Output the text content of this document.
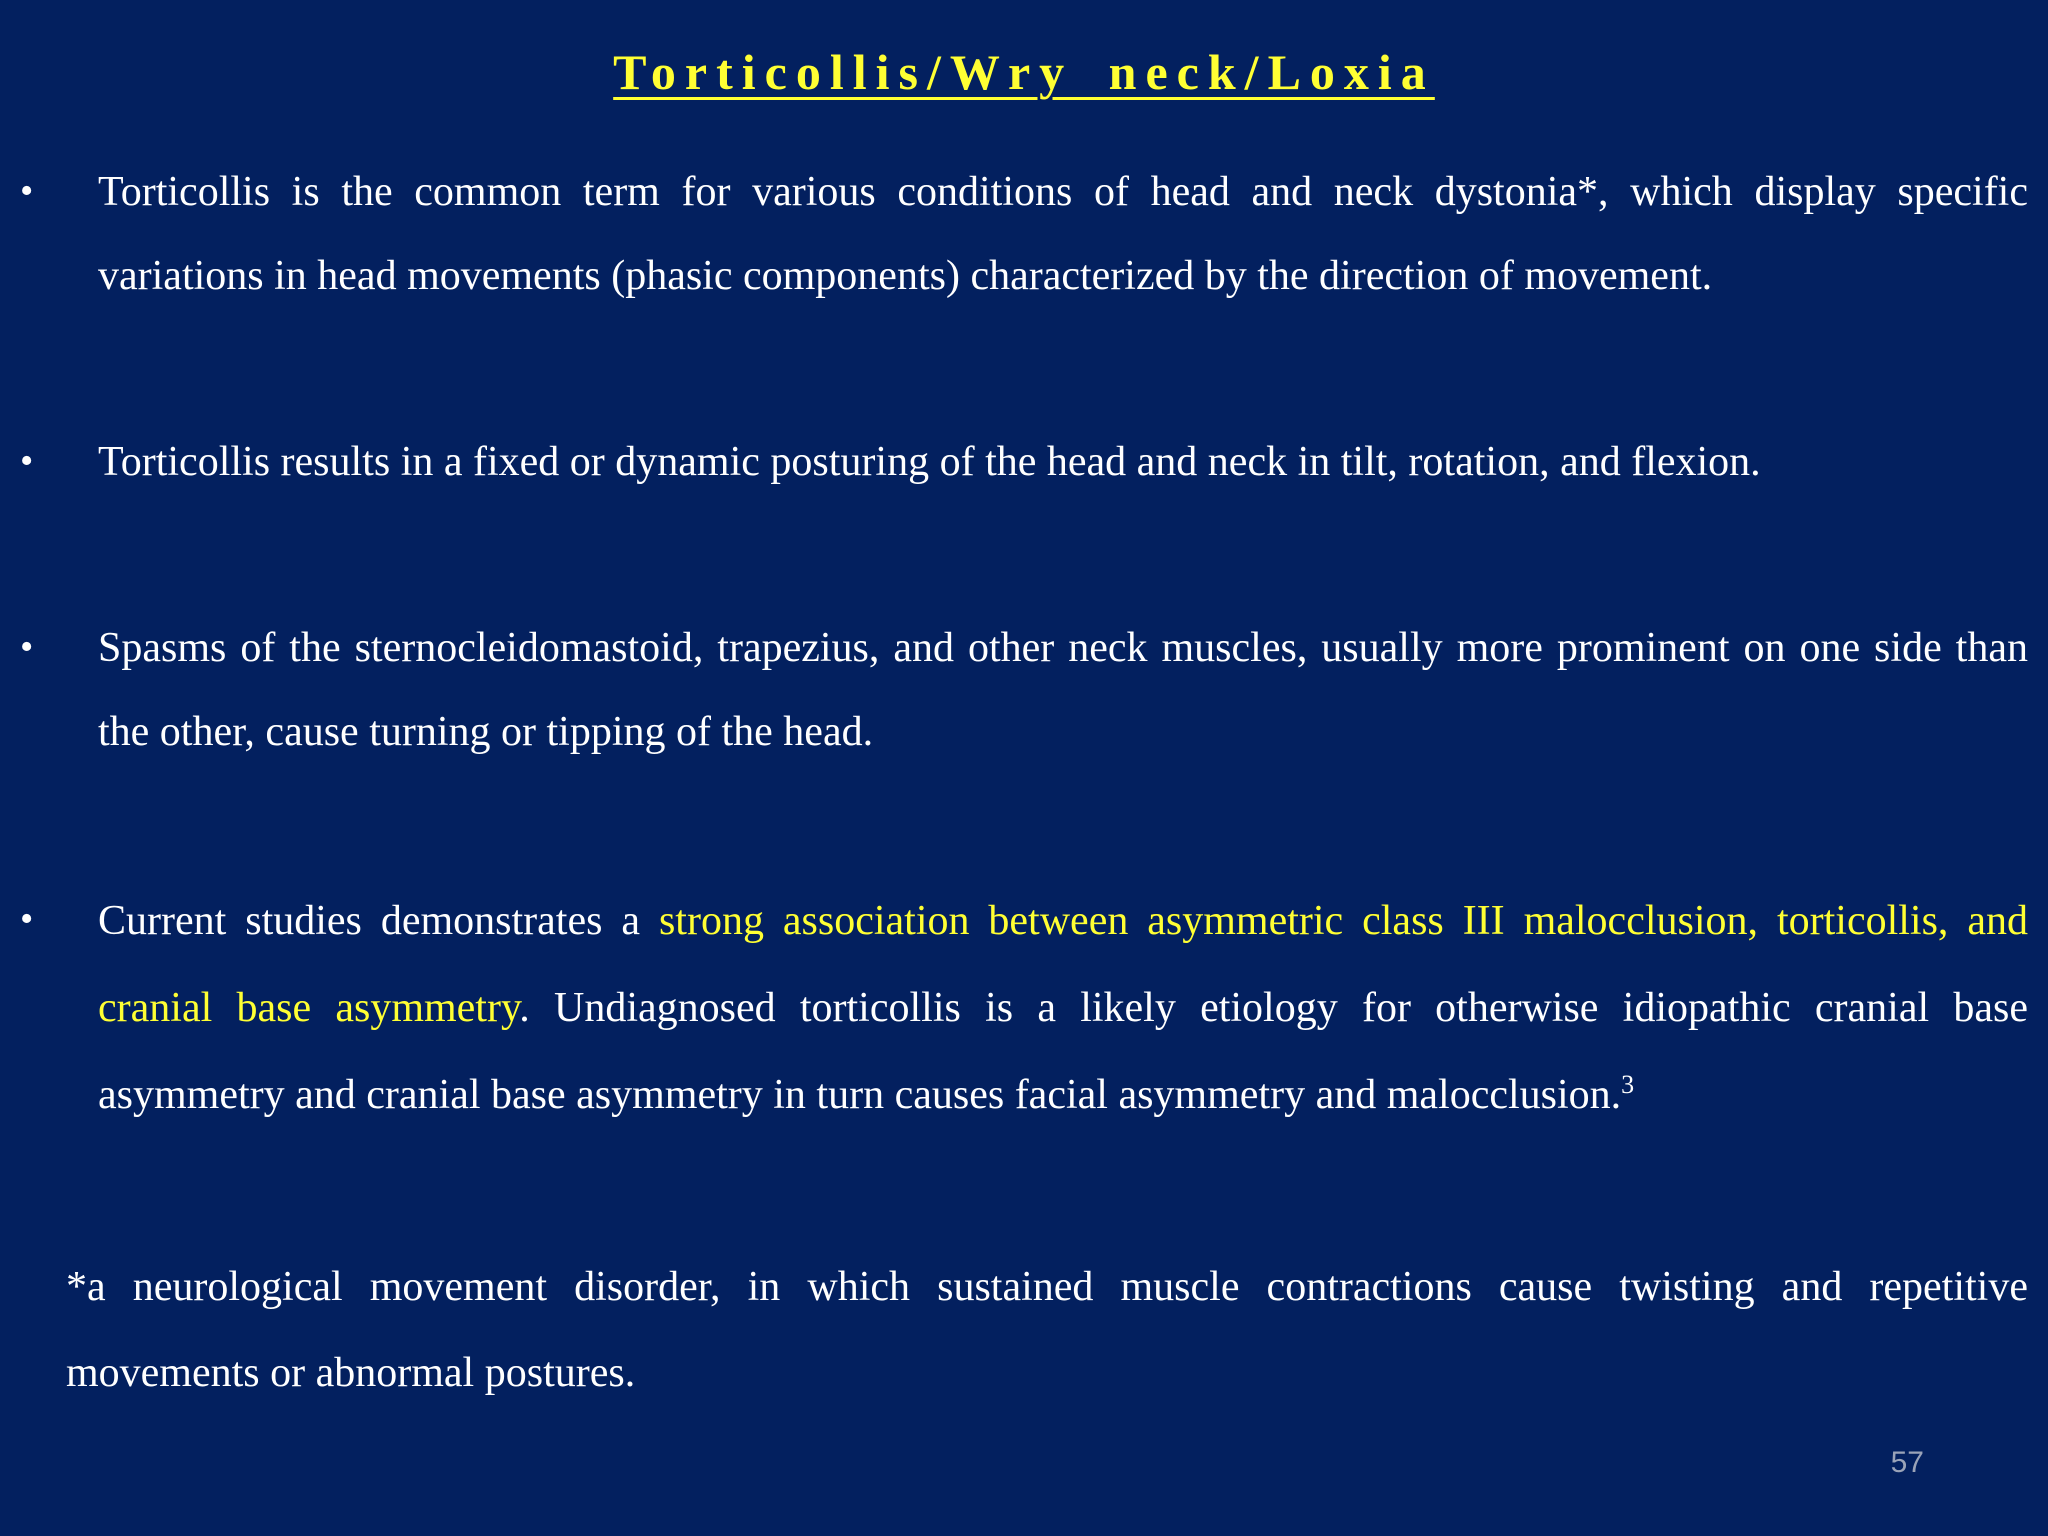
Torticollis/Wry neck/Loxia
• Torticollis is the common term for various conditions of head and neck dystonia*, which display specific variations in head movements (phasic components) characterized by the direction of movement.
• Torticollis results in a fixed or dynamic posturing of the head and neck in tilt, rotation, and flexion.
• Spasms of the sternocleidomastoid, trapezius, and other neck muscles, usually more prominent on one side than the other, cause turning or tipping of the head.
• Current studies demonstrates a strong association between asymmetric class III malocclusion, torticollis, and cranial base asymmetry. Undiagnosed torticollis is a likely etiology for otherwise idiopathic cranial base asymmetry and cranial base asymmetry in turn causes facial asymmetry and malocclusion.$^3$
*a neurological movement disorder, in which sustained muscle contractions cause twisting and repetitive movements or abnormal postures.
57
